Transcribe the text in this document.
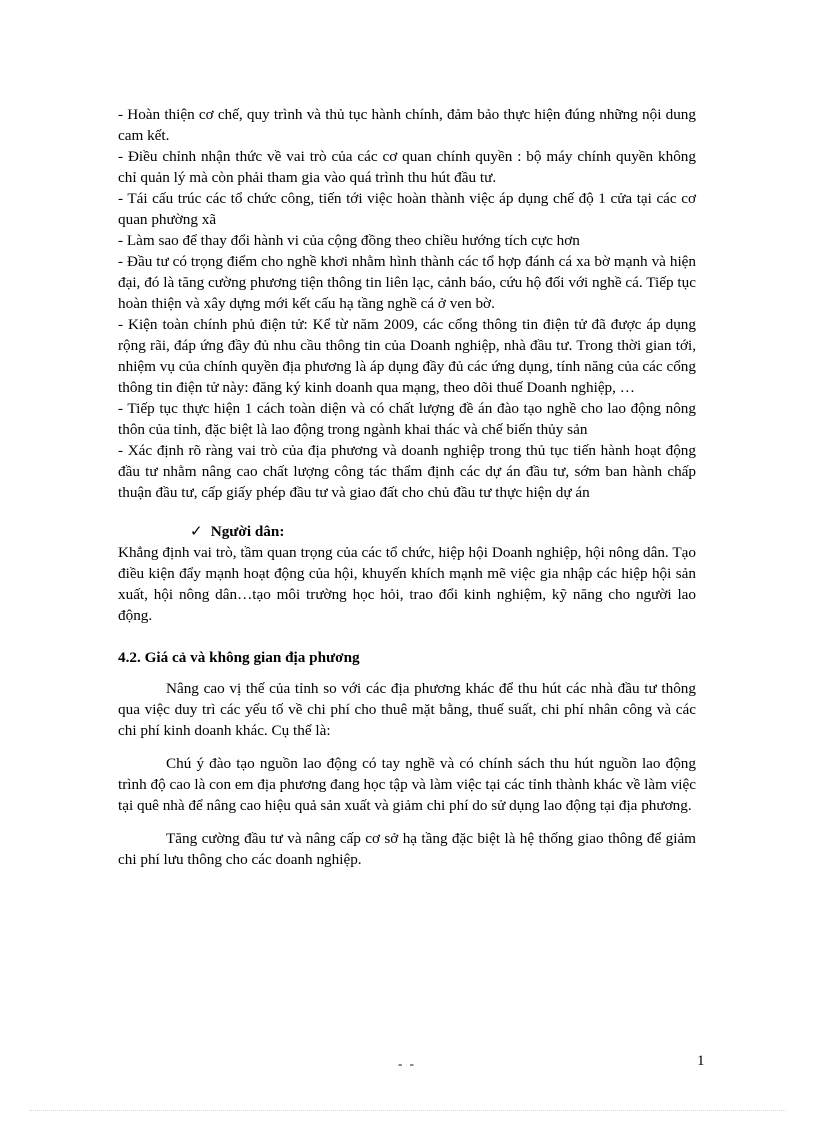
- Hoàn thiện cơ chế, quy trình và thủ tục hành chính, đảm bảo thực hiện đúng những nội dung cam kết.

- Điều chỉnh nhận thức về vai trò của các cơ quan chính quyền : bộ máy chính quyền không chỉ quản lý mà còn phải tham gia vào quá trình thu hút đầu tư.

- Tái cấu trúc các tổ chức công, tiến tới việc hoàn thành việc áp dụng chế độ 1 cửa tại các cơ quan phường xã

- Làm sao để thay đổi hành vi của cộng đồng theo chiều hướng tích cực hơn

- Đầu tư có trọng điểm cho nghề khơi nhằm hình thành các tổ hợp đánh cá xa bờ mạnh và hiện đại, đó là tăng cường phương tiện thông tin liên lạc, cảnh báo, cứu hộ đối với nghề cá. Tiếp tục hoàn thiện và xây dựng mới kết cấu hạ tầng nghề cá ở ven bờ.

- Kiện toàn chính phủ điện tử: Kể từ năm 2009, các cổng thông tin điện tử đã được áp dụng rộng rãi, đáp ứng đầy đủ nhu cầu thông tin của Doanh nghiệp, nhà đầu tư. Trong thời gian tới, nhiệm vụ của chính quyền địa phương là áp dụng đầy đủ các ứng dụng, tính năng của các cổng thông tin điện tử này: đăng ký kinh doanh qua mạng, theo dõi thuế Doanh nghiệp, …

- Tiếp tục thực hiện 1 cách toàn diện và có chất lượng đề án đào tạo nghề cho lao động nông thôn của tỉnh, đặc biệt là lao động trong ngành khai thác và chế biến thủy sản

- Xác định rõ ràng vai trò của địa phương và doanh nghiệp trong thủ tục tiến hành hoạt động đầu tư nhằm nâng cao chất lượng công tác thẩm định các dự án đầu tư, sớm ban hành chấp thuận đầu tư, cấp giấy phép đầu tư và giao đất cho chủ đầu tư thực hiện dự án

✓ Người dân:

Khẳng định vai trò, tầm quan trọng của các tổ chức, hiệp hội Doanh nghiệp, hội nông dân. Tạo điều kiện đẩy mạnh hoạt động của hội, khuyến khích mạnh mẽ việc gia nhập các hiệp hội sản xuất, hội nông dân…tạo môi trường học hỏi, trao đổi kinh nghiệm, kỹ năng cho người lao động.

4.2. Giá cả và không gian địa phương

Nâng cao vị thế của tỉnh so với các địa phương khác để thu hút các nhà đầu tư thông qua việc duy trì các yếu tố về chi phí cho thuê mặt bằng, thuế suất, chi phí nhân công và các chi phí kinh doanh khác. Cụ thể là:

Chú ý đào tạo nguồn lao động có tay nghề và có chính sách thu hút nguồn lao động trình độ cao là con em địa phương đang học tập và làm việc tại các tỉnh thành khác về làm việc tại quê nhà để nâng cao hiệu quả sản xuất và giảm chi phí do sử dụng lao động tại địa phương.

Tăng cường đầu tư và nâng cấp cơ sở hạ tầng đặc biệt là hệ thống giao thông để giảm chi phí lưu thông cho các doanh nghiệp.

- -	1
